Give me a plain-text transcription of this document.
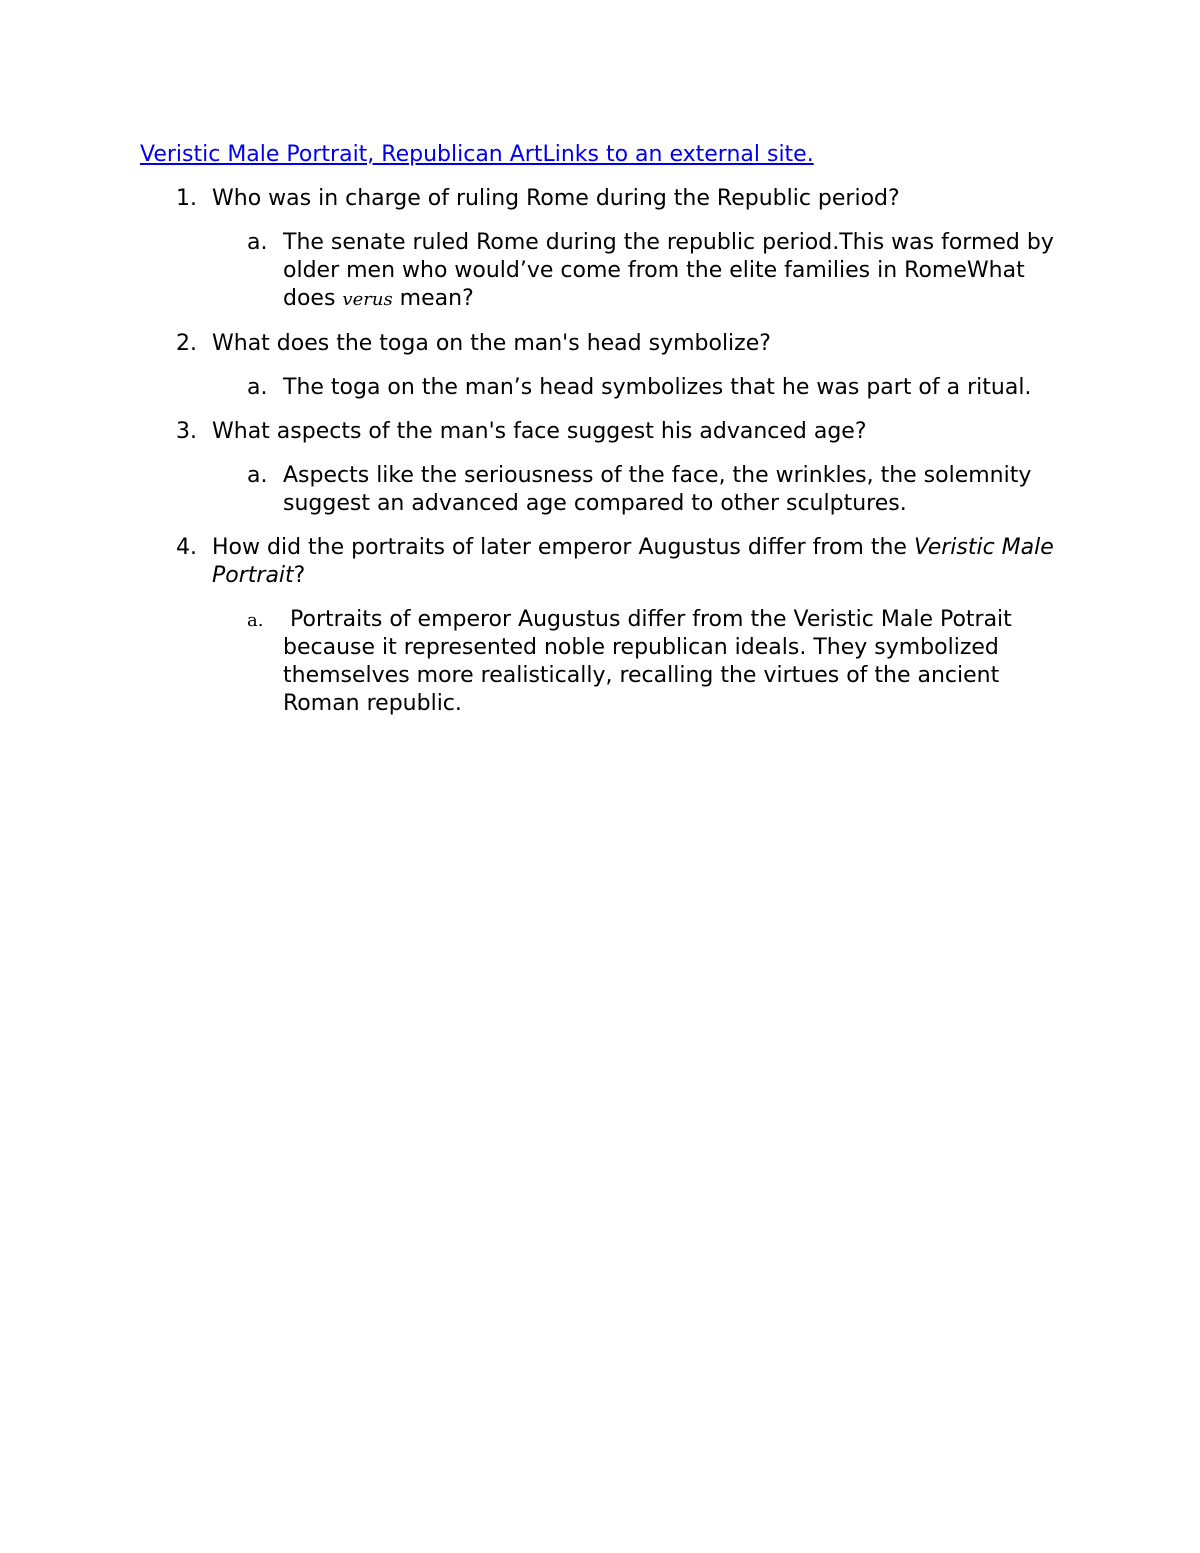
Veristic Male Portrait, Republican ArtLinks to an external site.
1. Who was in charge of ruling Rome during the Republic period?
a. The senate ruled Rome during the republic period.This was formed by older men who would’ve come from the elite families in RomeWhat does verus mean?
2. What does the toga on the man's head symbolize?
a. The toga on the man’s head symbolizes that he was part of a ritual.
3. What aspects of the man's face suggest his advanced age?
a. Aspects like the seriousness of the face, the wrinkles, the solemnity suggest an advanced age compared to other sculptures.
4. How did the portraits of later emperor Augustus differ from the Veristic Male Portrait?
a. Portraits of emperor Augustus differ from the Veristic Male Potrait because it represented noble republican ideals. They symbolized themselves more realistically, recalling the virtues of the ancient Roman republic.
